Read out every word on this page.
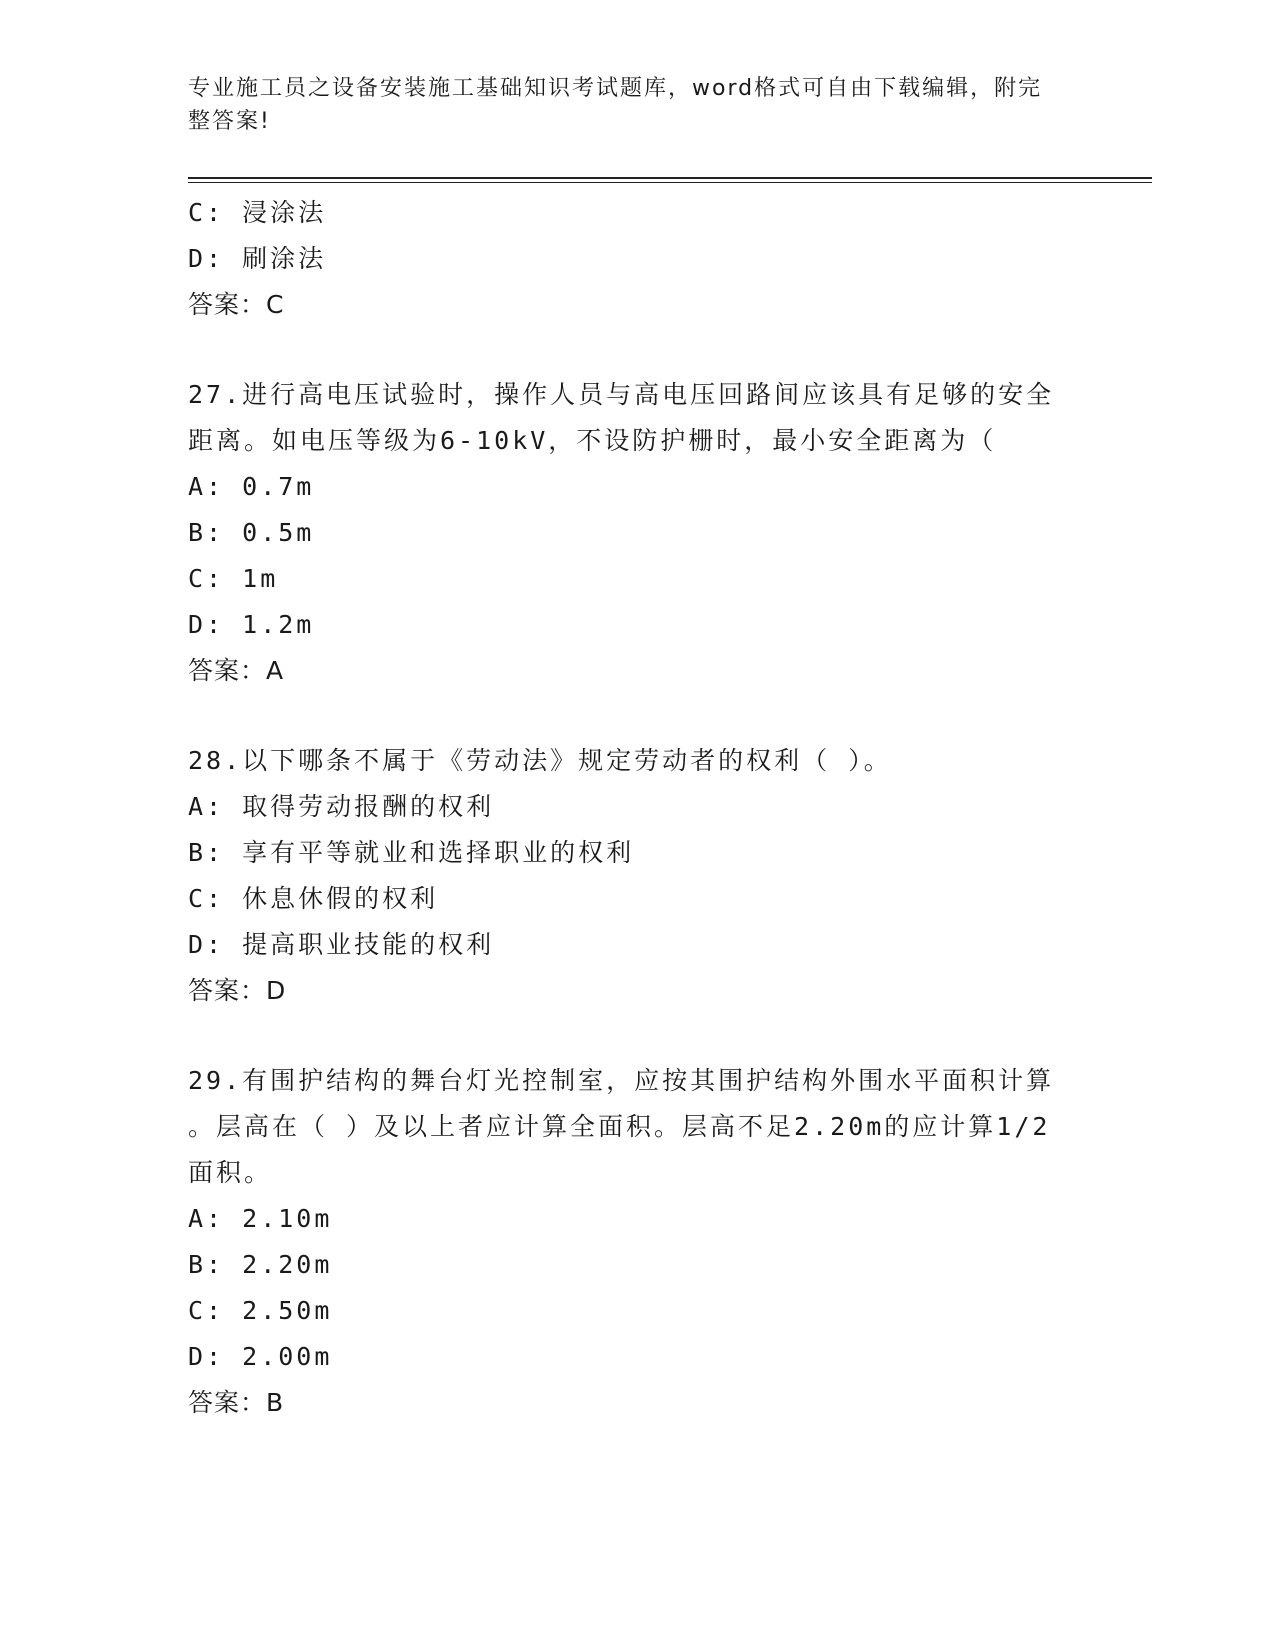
专业施工员之设备安装施工基础知识考试题库，word格式可自由下载编辑，附完
整答案!
C: 浸涂法
D: 刷涂法
答案：C
27.进行高电压试验时，操作人员与高电压回路间应该具有足够的安全
距离。如电压等级为6-10kV，不设防护栅时，最小安全距离为（
A: 0.7m
B: 0.5m
C: 1m
D: 1.2m
答案：A
28.以下哪条不属于《劳动法》规定劳动者的权利（ ）。
A: 取得劳动报酬的权利
B: 享有平等就业和选择职业的权利
C: 休息休假的权利
D: 提高职业技能的权利
答案：D
29.有围护结构的舞台灯光控制室，应按其围护结构外围水平面积计算
。层高在（ ）及以上者应计算全面积。层高不足2.20m的应计算1/2
面积。
A: 2.10m
B: 2.20m
C: 2.50m
D: 2.00m
答案：B
